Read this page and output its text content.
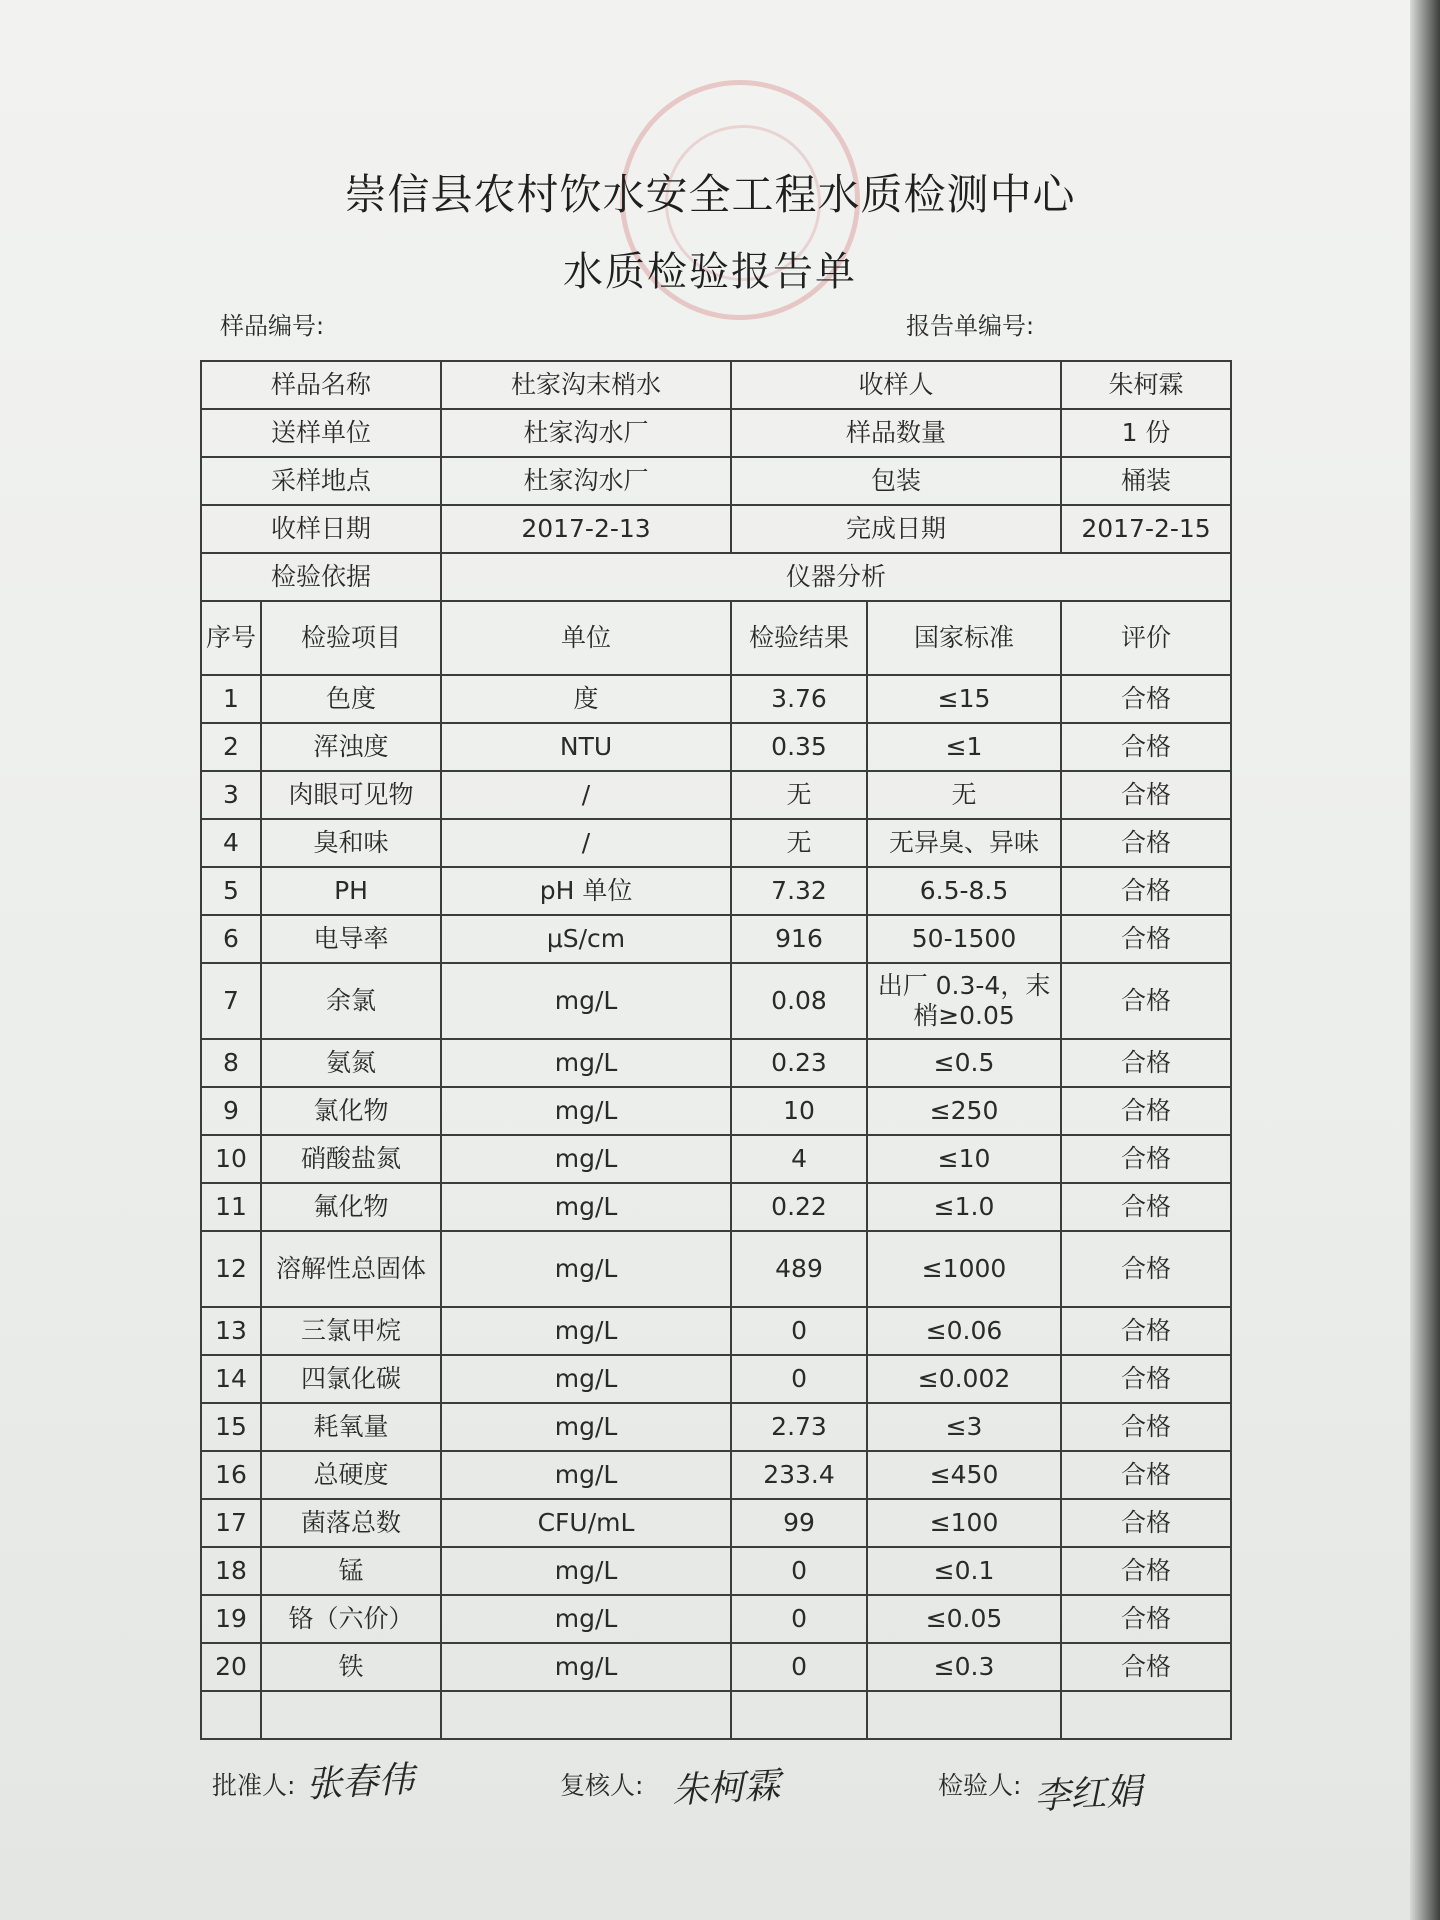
崇信县农村饮水安全工程水质检测中心
水质检验报告单
样品编号:	报告单编号:
样品名称		杜家沟末梢水	收样人		朱柯霖
送样单位		杜家沟水厂	样品数量		1 份
采样地点		杜家沟水厂	包装		桶装
收样日期		2017-2-13	完成日期		2017-2-15
检验依据		仪器分析			
序号	检验项目	单位	检验结果	国家标准	评价
1	色度	度	3.76	≤15	合格
2	浑浊度	NTU	0.35	≤1	合格
3	肉眼可见物	/	无	无	合格
4	臭和味	/	无	无异臭、异味	合格
5	PH	pH 单位	7.32	6.5-8.5	合格
6	电导率	μS/cm	916	50-1500	合格
7	余氯	mg/L	0.08	出厂 0.3-4，末梢≥0.05	合格
8	氨氮	mg/L	0.23	≤0.5	合格
9	氯化物	mg/L	10	≤250	合格
10	硝酸盐氮	mg/L	4	≤10	合格
11	氟化物	mg/L	0.22	≤1.0	合格
12	溶解性总固体	mg/L	489	≤1000	合格
13	三氯甲烷	mg/L	0	≤0.06	合格
14	四氯化碳	mg/L	0	≤0.002	合格
15	耗氧量	mg/L	2.73	≤3	合格
16	总硬度	mg/L	233.4	≤450	合格
17	菌落总数	CFU/mL	99	≤100	合格
18	锰	mg/L	0	≤0.1	合格
19	铬（六价）	mg/L	0	≤0.05	合格
20	铁	mg/L	0	≤0.3	合格

批准人: 张春伟	复核人: 朱柯霖	检验人: 李红娟
